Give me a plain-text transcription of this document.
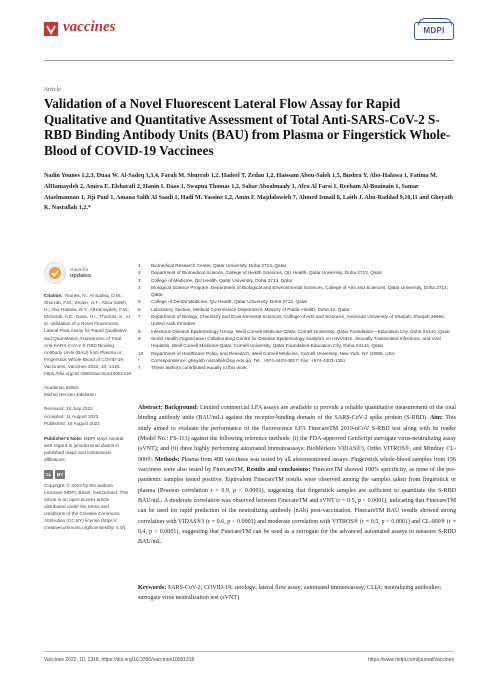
vaccines	MDPI
Article
Validation of a Novel Fluorescent Lateral Flow Assay for Rapid Qualitative and Quantitative Assessment of Total Anti-SARS-CoV-2 S-RBD Binding Antibody Units (BAU) from Plasma or Fingerstick Whole-Blood of COVID-19 Vaccinees
Nadin Younes 1,2,3, Duaa W. Al-Sadeq 1,3,4, Farah M. Shurrab 1,2, Hadeel T. Zedan 1,2, Haissam Abou-Saleh 1,5, Bushra Y. Abo-Halawa 1, Fatima M. AlHamaydeh 2, Amira E. Elsharafi 2, Hanin I. Daas 1, Swapna Thomas 1,2, Sahar Aboalmaaly 1, Afra Al Farsi 1, Reeham Al-Buainain 1, Samar Ataelmannan 1, Jiji Paul 1, Amana Salih Al Saadi 1, Hadi M. Yassine 1,2, Amin F. Majdalawieh 7, Ahmed Ismail 8, Laith J. Abu-Raddad 9,10,11 and Gheyath K. Nasrallah 1,2,*
check for
updates
Citation: Younes, N.; Al-Sadeq, D.W.; Shurrab, F.M.; Zedan, H.T.; Abou-Saleh, H.; Abo-Halawa, B.Y.; AlHamaydeh, F.M.; Elsharafi, A.E.; Daas, H.I.; Thomas, S.; et al. Validation of a Novel Fluorescent Lateral Flow Assay for Rapid Qualitative and Quantitative Assessment of Total Anti-SARS-CoV-2 S-RBD Binding Antibody Units (BAU) from Plasma or Fingerstick Whole-Blood of COVID-19 Vaccinees. Vaccines 2022, 10, 1318. https://doi.org/10.3390/vaccines10081318
Academic Editor:
Michel Henzen-Edelstein
Received: 16 July 2022
Accepted: 11 August 2022
Published: 15 August 2022
Publisher's Note: MDPI stays neutral with regard to jurisdictional claims in published maps and institutional affiliations.
cc	BY
Copyright: © 2022 by the authors. Licensee MDPI, Basel, Switzerland. This article is an open access article distributed under the terms and conditions of the Creative Commons Attribution (CC BY) license (https:// creativecommons.org/licenses/by/ 4.0/).
1	Biomedical Research Center, Qatar University, Doha 2713, Qatar
2	Department of Biomedical Science, College of Health Sciences, QU Health, Qatar University, Doha 2713, Qatar
3	College of Medicine, QU Health, Qatar University, Doha 2713, Qatar
4	Biological Science Program, Department of Biological and Environmental Sciences, College of Arts and Sciences, Qatar University, Doha 2713, Qatar
5	College of Dental Medicine, QU Health, Qatar University, Doha 2713, Qatar
6	Laboratory Section, Medical Commission Department, Ministry of Public Health, Doha 42, Qatar
7	Department of Biology, Chemistry and Environmental Sciences, College of Arts and Sciences, American University of Sharjah, Sharjah 26666, United Arab Emirates
8	Infectious Disease Epidemiology Group, Weill Cornell Medicine-Qatar, Cornell University, Qatar Foundation—Education City, Doha 24144, Qatar
9	World Health Organization Collaborating Centre for Disease Epidemiology Analytics on HIV/AIDS, Sexually Transmitted Infections, and Viral Hepatitis, Weill Cornell Medicine-Qatar, Cornell University, Qatar Foundation-Education City, Doha 24144, Qatar
10	Department of Healthcare Policy and Research, Weill Cornell Medicine, Cornell University, New York, NY 10065, USA
*	Correspondence: gheyath.nasrallah@qu.edu.qa; Tel.: +974-4403-4817; Fax: +974-4403-1351
†	These authors contributed equally to this work.
Abstract: Background: Limited commercial LFA assays are available to provide a reliable quantitative measurement of the total binding antibody units (BAU/mL) against the receptor-binding domain of the SARS-CoV-2 spike protein (S-RBD). Aim: This study aimed to evaluate the performance of the fluorescence LFA FinecareTM 2019-nCoV S-RBD test along with its reader (Model No.: FS-113) against the following reference methods: (i) the FDA-approved GenScript surrogate virus-neutralizing assay (sVNT); and (ii) three highly performing automated immunoassays: BioMérieux VIDAS®3, Ortho VITROS®, and Mindray CL-900®. Methods: Plasma from 488 vaccinees was tested by all aforementioned assays. Fingerstick whole-blood samples from 156 vaccinees were also tested by FinecareTM. Results and conclusions: FinecareTM showed 100% specificity, as none of the pre-pandemic samples tested positive. Equivalent FinecareTM results were observed among the samples taken from fingerstick or plasma (Pearson correlation r = 0.9, p < 0.0001), suggesting that fingerstick samples are sufficient to quantitate the S-RBD BAU/mL. A moderate correlation was observed between FinecareTM and sVNT (r = 0.5, p < 0.0001), indicating that FinecareTM can be used for rapid prediction of the neutralizing antibody (nAb) post-vaccination. FinecareTM BAU results showed strong correlation with VIDAS®3 (r = 0.6, p < 0.0001) and moderate correlation with VITROS® (r = 0.5, p < 0.0001) and CL-900® (r = 0.4, p < 0.0001), suggesting that FinecareTM can be used as a surrogate for the advanced automated assays to measure S-RBD BAU/mL.
Keywords: SARS-CoV-2; COVID-19; serology; lateral flow assay; automated immunoassay; CLIA; neutralizing antibodies; surrogate virus neutralization test (sVNT)
Vaccines 2022, 10, 1318. https://doi.org/10.3390/vaccines10081318	https://www.mdpi.com/journal/vaccines
